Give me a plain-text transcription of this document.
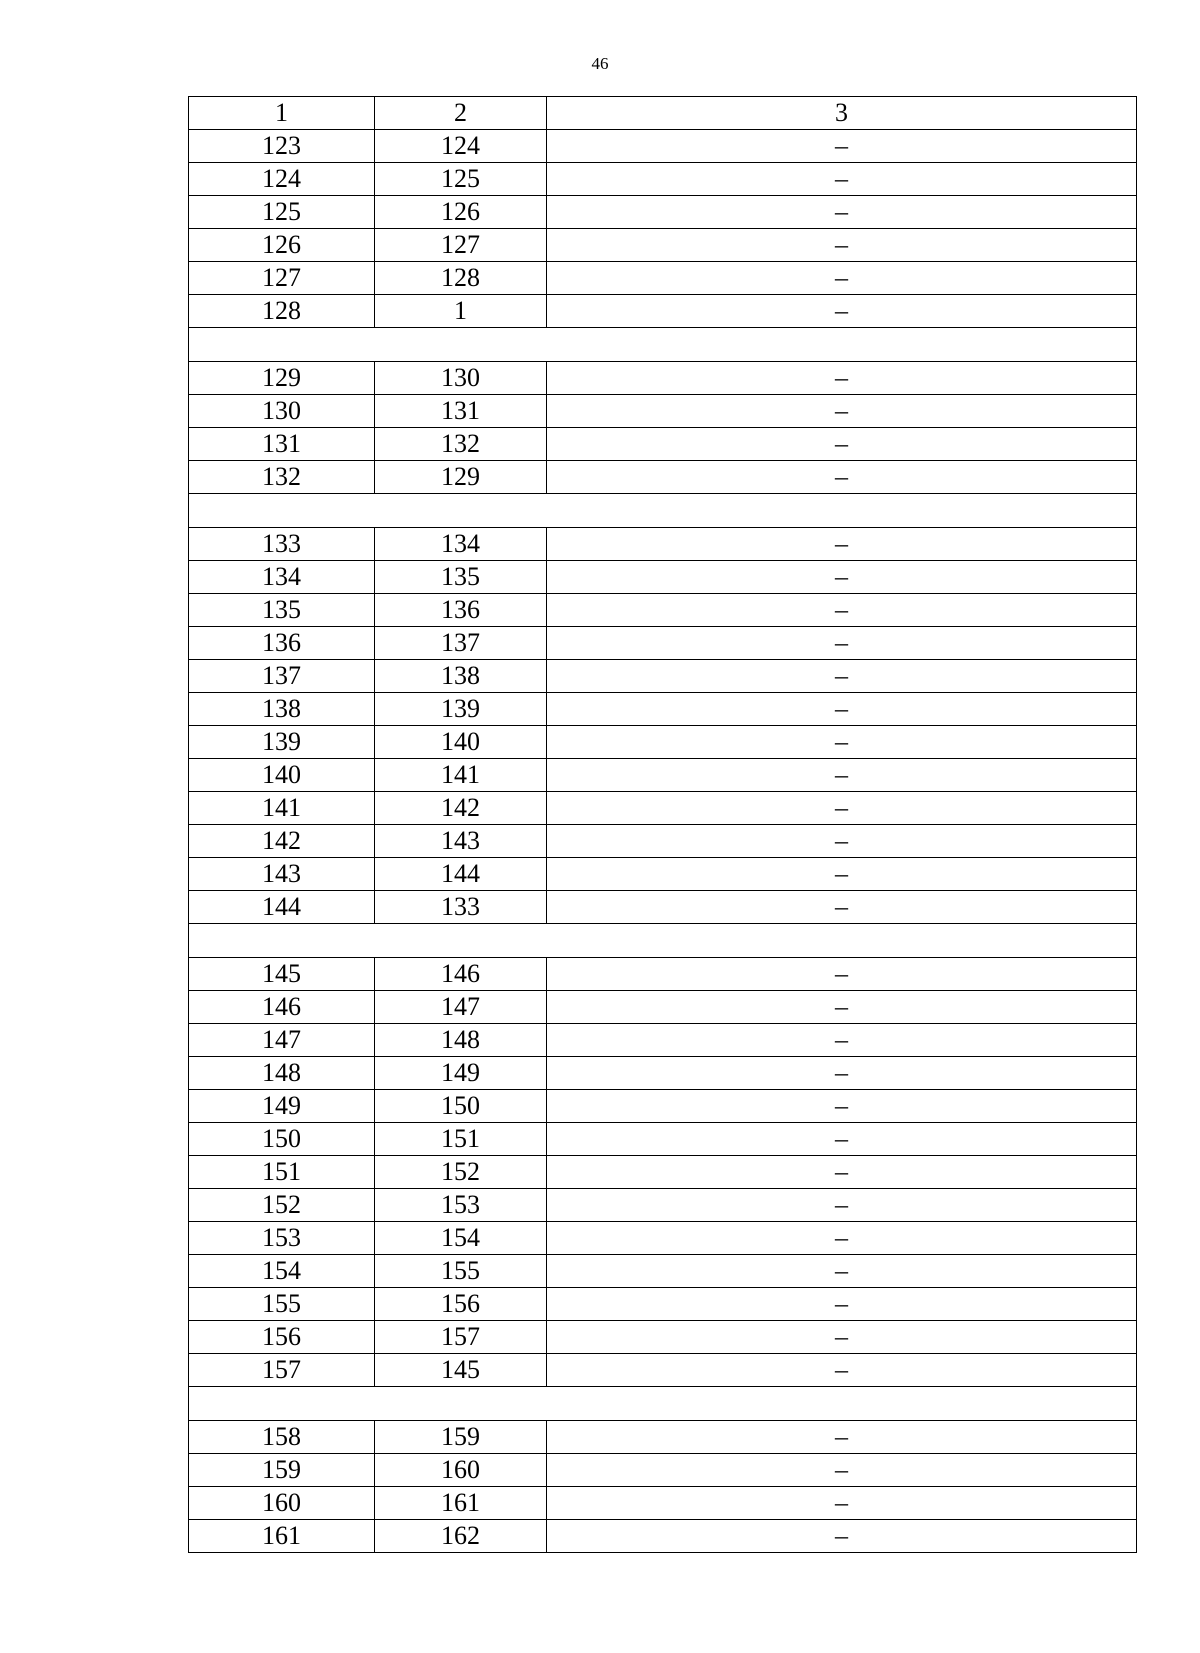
46
1	2	3
123	124	–
124	125	–
125	126	–
126	127	–
127	128	–
128	1	–

129	130	–
130	131	–
131	132	–
132	129	–

133	134	–
134	135	–
135	136	–
136	137	–
137	138	–
138	139	–
139	140	–
140	141	–
141	142	–
142	143	–
143	144	–
144	133	–

145	146	–
146	147	–
147	148	–
148	149	–
149	150	–
150	151	–
151	152	–
152	153	–
153	154	–
154	155	–
155	156	–
156	157	–
157	145	–

158	159	–
159	160	–
160	161	–
161	162	–
